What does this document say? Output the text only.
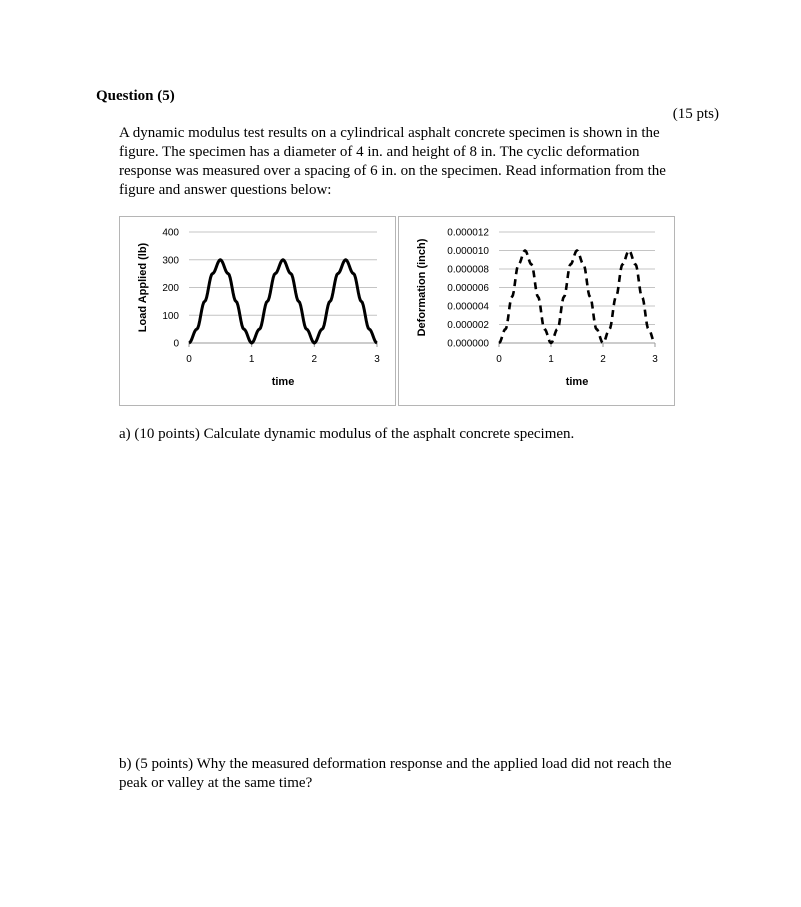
Question (5)
(15 pts)

A dynamic modulus test results on a cylindrical asphalt concrete specimen is shown in the

figure. The specimen has a diameter of 4 in. and height of 8 in. The cyclic deformation

response was measured over a spacing of 6 in. on the specimen. Read information from the

figure and answer questions below:

0
100
200
300
400
0	1	2	3
time
Load Applied (lb)
0.000000
0.000002
0.000004
0.000006
0.000008
0.000010
0.000012
0	1	2	3
time
Deformation (inch)
a) (10 points) Calculate dynamic modulus of the asphalt concrete specimen.
b) (5 points) Why the measured deformation response and the applied load did not reach the
peak or valley at the same time?
